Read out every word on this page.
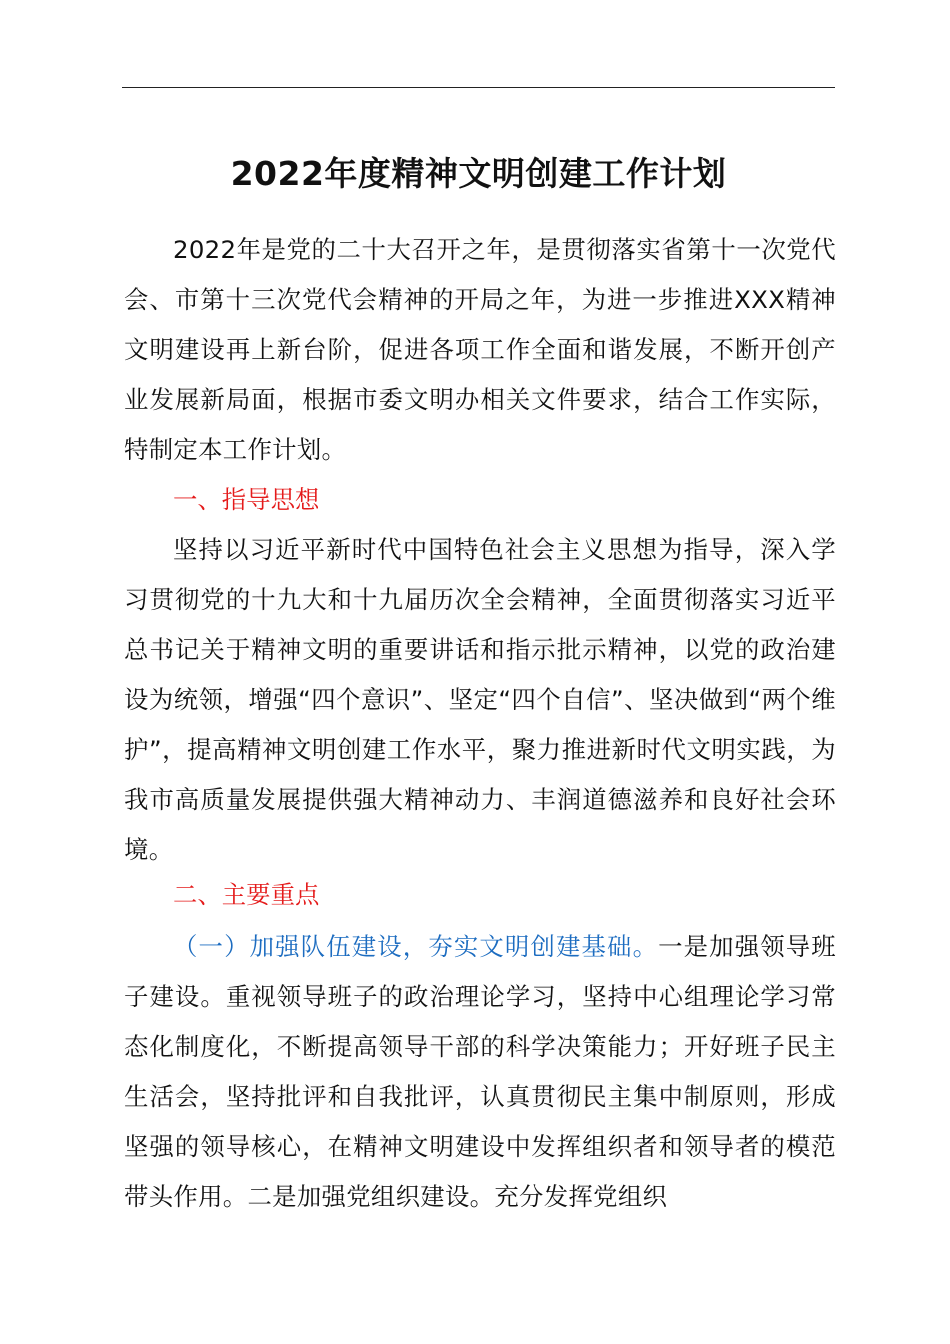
2022年度精神文明创建工作计划

2022年是党的二十大召开之年，是贯彻落实省第十一次党代会、市第十三次党代会精神的开局之年，为进一步推进XXX精神文明建设再上新台阶，促进各项工作全面和谐发展，不断开创产业发展新局面，根据市委文明办相关文件要求，结合工作实际，特制定本工作计划。

一、指导思想

坚持以习近平新时代中国特色社会主义思想为指导，深入学习贯彻党的十九大和十九届历次全会精神，全面贯彻落实习近平总书记关于精神文明的重要讲话和指示批示精神，以党的政治建设为统领，增强“四个意识”、坚定“四个自信”、坚决做到“两个维护”，提高精神文明创建工作水平，聚力推进新时代文明实践，为我市高质量发展提供强大精神动力、丰润道德滋养和良好社会环境。

二、主要重点

（一）加强队伍建设，夯实文明创建基础。一是加强领导班子建设。重视领导班子的政治理论学习，坚持中心组理论学习常态化制度化，不断提高领导干部的科学决策能力；开好班子民主生活会，坚持批评和自我批评，认真贯彻民主集中制原则，形成坚强的领导核心，在精神文明建设中发挥组织者和领导者的模范带头作用。二是加强党组织建设。充分发挥党组织
